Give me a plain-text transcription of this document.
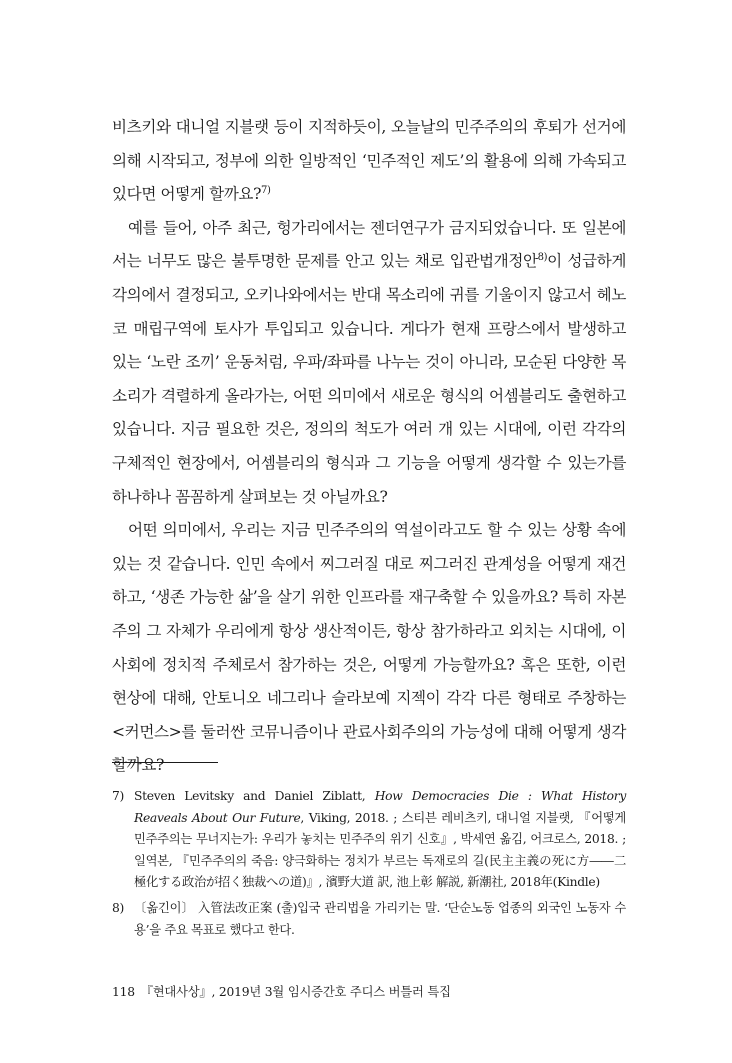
비츠키와 대니얼 지블랫 등이 지적하듯이, 오늘날의 민주주의의 후퇴가 선거에 의해 시작되고, 정부에 의한 일방적인 ‘민주적인 제도’의 활용에 의해 가속되고 있다면 어떻게 할까요?$^{7)}$

예를 들어, 아주 최근, 헝가리에서는 젠더연구가 금지되었습니다. 또 일본에서는 너무도 많은 불투명한 문제를 안고 있는 채로 입관법개정안$^{8)}$이 성급하게 각의에서 결정되고, 오키나와에서는 반대 목소리에 귀를 기울이지 않고서 헤노코 매립구역에 토사가 투입되고 있습니다. 게다가 현재 프랑스에서 발생하고 있는 ‘노란 조끼’ 운동처럼, 우파/좌파를 나누는 것이 아니라, 모순된 다양한 목소리가 격렬하게 올라가는, 어떤 의미에서 새로운 형식의 어셈블리도 출현하고 있습니다. 지금 필요한 것은, 정의의 척도가 여러 개 있는 시대에, 이런 각각의 구체적인 현장에서, 어셈블리의 형식과 그 기능을 어떻게 생각할 수 있는가를 하나하나 꼼꼼하게 살펴보는 것 아닐까요?

어떤 의미에서, 우리는 지금 민주주의의 역설이라고도 할 수 있는 상황 속에 있는 것 같습니다. 인민 속에서 찌그러질 대로 찌그러진 관계성을 어떻게 재건하고, ‘생존 가능한 삶’을 살기 위한 인프라를 재구축할 수 있을까요? 특히 자본주의 그 자체가 우리에게 항상 생산적이든, 항상 참가하라고 외치는 시대에, 이 사회에 정치적 주체로서 참가하는 것은, 어떻게 가능할까요? 혹은 또한, 이런 현상에 대해, 안토니오 네그리나 슬라보예 지젝이 각각 다른 형태로 주창하는 <커먼스>를 둘러싼 코뮤니즘이나 관료사회주의의 가능성에 대해 어떻게 생각할까요?

7) Steven Levitsky and Daniel Ziblatt, How Democracies Die : What History Reaveals About Our Future, Viking, 2018. ; 스티븐 레비츠키, 대니얼 지블랫, 『어떻게 민주주의는 무너지는가: 우리가 놓치는 민주주의 위기 신호』, 박세연 옮김, 어크로스, 2018. ; 일역본, 『민주주의의 죽음: 양극화하는 정치가 부르는 독재로의 길(民主主義の死に方――二極化する政治が招く独裁への道)』, 濱野大道 訳, 池上彰 解説, 新潮社, 2018年(Kindle)
8) 〔옮긴이〕 入管法改正案 (출)입국 관리법을 가리키는 말. ‘단순노동 업종의 외국인 노동자 수용’을 주요 목표로 했다고 한다.
118 『현대사상』, 2019년 3월 임시증간호 주디스 버틀러 특집
